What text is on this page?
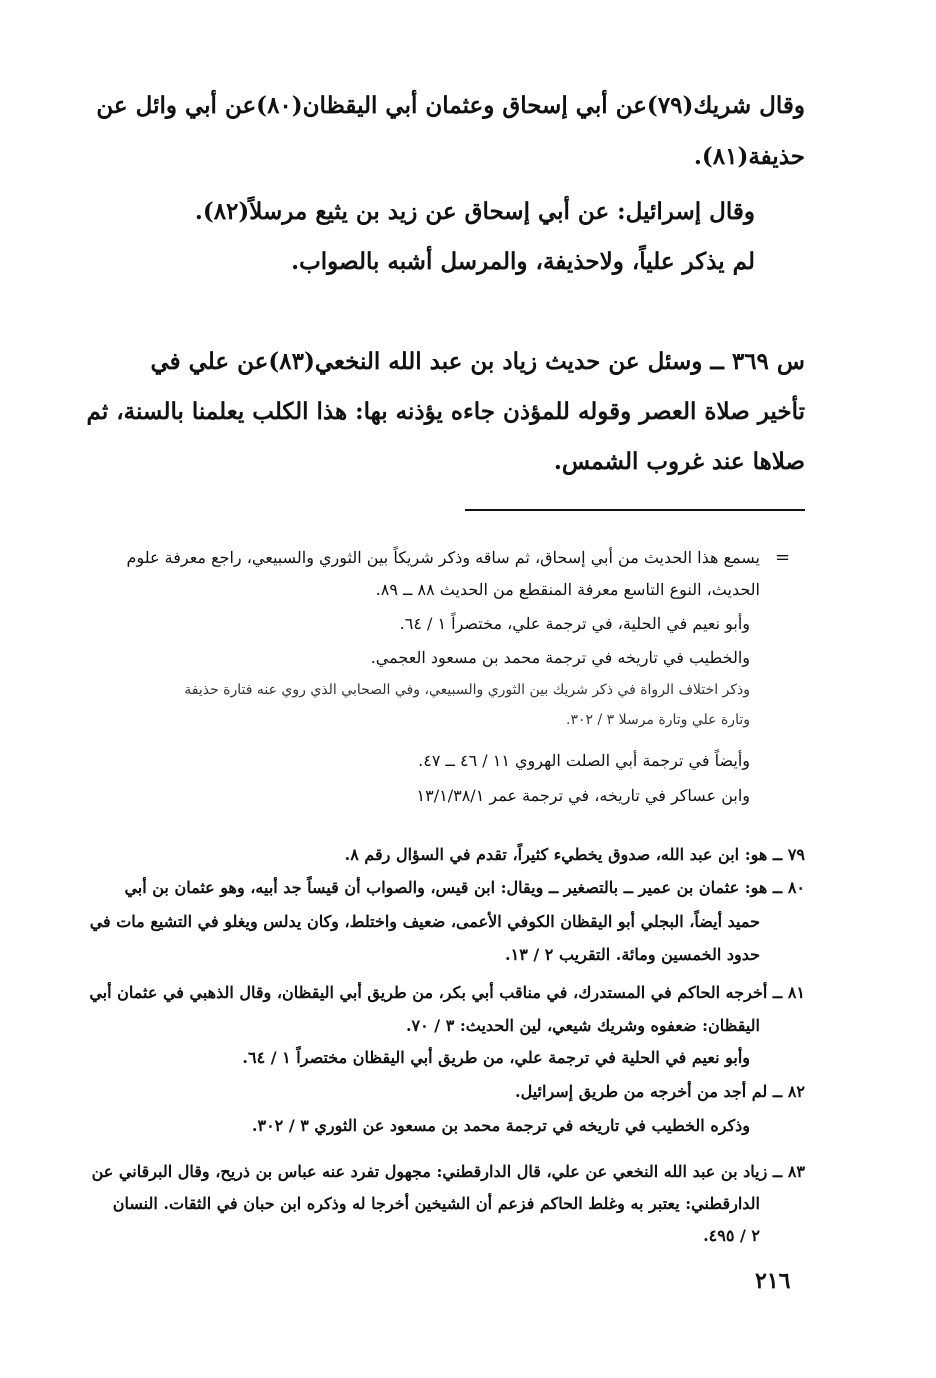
وقال شريك(٧٩)عن أبي إسحاق وعثمان أبي اليقظان(٨٠)عن أبي وائل عن
حذيفة(٨١).
وقال إسرائيل: عن أبي إسحاق عن زيد بن يثيع مرسلاً(٨٢).
لم يذكر علياً، ولاحذيفة، والمرسل أشبه بالصواب.
س ٣٦٩ ــ وسئل عن حديث زياد بن عبد الله النخعي(٨٣)عن علي في
تأخير صلاة العصر وقوله للمؤذن جاءه يؤذنه بها: هذا الكلب يعلمنا بالسنة، ثم
صلاها عند غروب الشمس.
=
يسمع هذا الحديث من أبي إسحاق، ثم ساقه وذكر شريكاً بين الثوري والسبيعي، راجع معرفة علوم
الحديث، النوع التاسع معرفة المنقطع من الحديث ٨٨ ــ ٨٩.
وأبو نعيم في الحلية، في ترجمة علي، مختصراً ١ / ٦٤.
والخطيب في تاريخه في ترجمة محمد بن مسعود العجمي.
وذكر اختلاف الرواة في ذكر شريك بين الثوري والسبيعي، وفي الصحابي الذي روي عنه فتارة حذيفة
وتارة علي وتارة مرسلا ٣ / ٣٠٢.
وأيضاً في ترجمة أبي الصلت الهروي ١١ / ٤٦ ــ ٤٧.
وابن عساكر في تاريخه، في ترجمة عمر ١٣/١/٣٨/١
٧٩ ــ هو: ابن عبد الله، صدوق يخطيء كثيراً، تقدم في السؤال رقم ٨.
٨٠ ــ هو: عثمان بن عمير ــ بالتصغير ــ ويقال: ابن قيس، والصواب أن قيساً جد أبيه، وهو عثمان بن أبي
حميد أيضاً، البجلي أبو اليقظان الكوفي الأعمى، ضعيف واختلط، وكان يدلس ويغلو في التشيع مات في
حدود الخمسين ومائة. التقريب ٢ / ١٣.
٨١ ــ أخرجه الحاكم في المستدرك، في مناقب أبي بكر، من طريق أبي اليقظان، وقال الذهبي في عثمان أبي
اليقظان: ضعفوه وشريك شيعي، لين الحديث: ٣ / ٧٠.
وأبو نعيم في الحلية في ترجمة علي، من طريق أبي اليقظان مختصراً ١ / ٦٤.
٨٢ ــ لم أجد من أخرجه من طريق إسرائيل.
وذكره الخطيب في تاريخه في ترجمة محمد بن مسعود عن الثوري ٣ / ٣٠٢.
٨٣ ــ زياد بن عبد الله النخعي عن علي، قال الدارقطني: مجهول تفرد عنه عباس بن ذريح، وقال البرقاني عن
الدارقطني: يعتبر به وغلط الحاكم فزعم أن الشيخين أخرجا له وذكره ابن حبان في الثقات. النسان
٢ / ٤٩٥.
٢١٦
